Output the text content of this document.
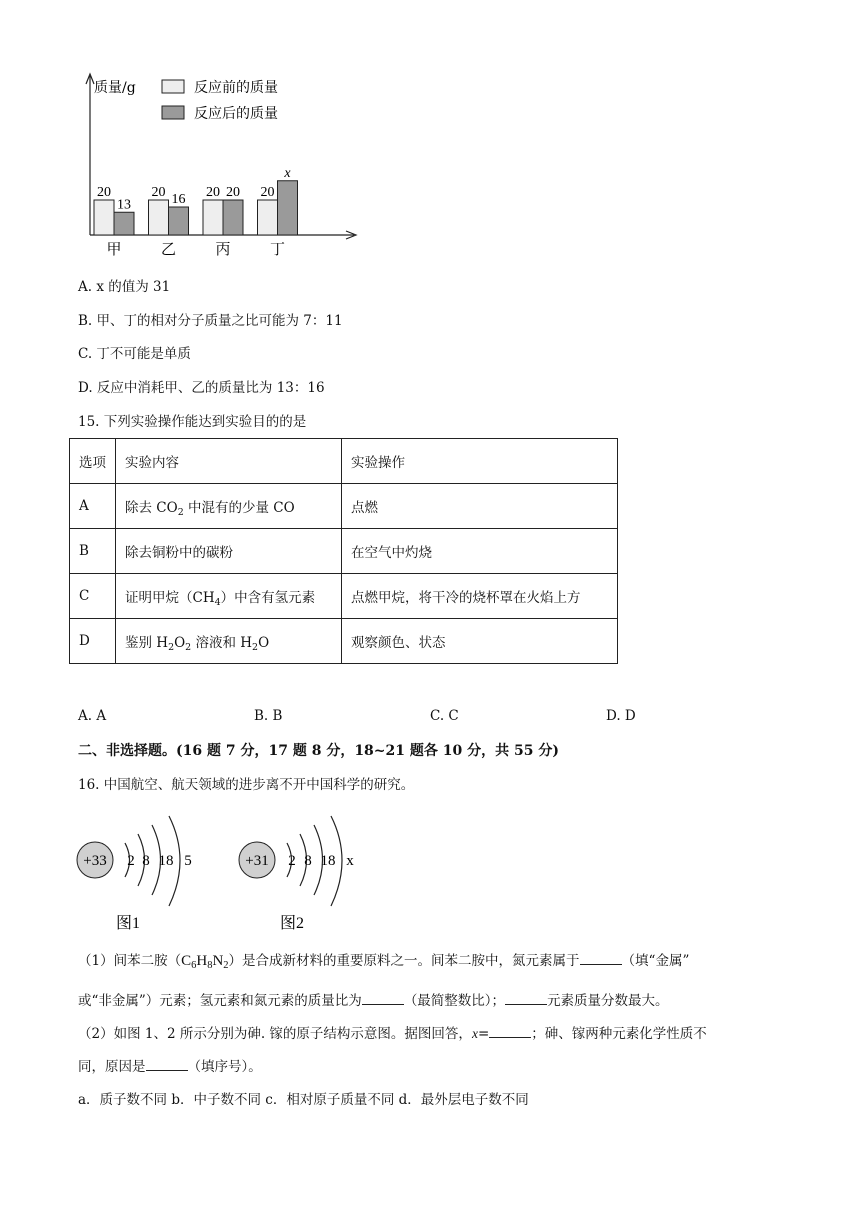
质量/g
20
13
甲
20 16
乙
20 20
丙
20
x
丁
反应前的质量
反应后的质量
A. x 的值为 31
B. 甲、丁的相对分子质量之比可能为 7：11
C. 丁不可能是单质
D. 反应中消耗甲、乙的质量比为 13：16
15. 下列实验操作能达到实验目的的是
选项	实验内容	实验操作
A	除去 $CO_2$ 中混有的少量 CO	点燃
B	除去铜粉中的碳粉	在空气中灼烧
C	证明甲烷$(CH_4)$中含有氢元素	点燃甲烷，将干冷的烧杯罩在火焰上方
D	鉴别 $H_2O_2$ 溶液和 $H_2O$	观察颜色、状态
A. A	B. B	C. C	D. D
二、非选择题。(16 题 7 分，17 题 8 分，18~21 题各 10 分，共 55 分)
16. 中国航空、航天领域的进步离不开中国科学的研究。
+33 2 8 18 5
图1
+31 2 8 18 x
图2
（1）间苯二胺$(C_6H_8N_2)$是合成新材料的重要原料之一。间苯二胺中，氮元素属于	（填“金属”
或“非金属”）元素；氢元素和氮元素的质量比为	（最简整数比）；	元素质量分数最大。
（2）如图 1、2 所示分别为砷. 镓的原子结构示意图。据图回答，x=	；砷、镓两种元素化学性质不
同，原因是	（填序号）。
a．质子数不同 b．中子数不同 c．相对原子质量不同 d．最外层电子数不同
